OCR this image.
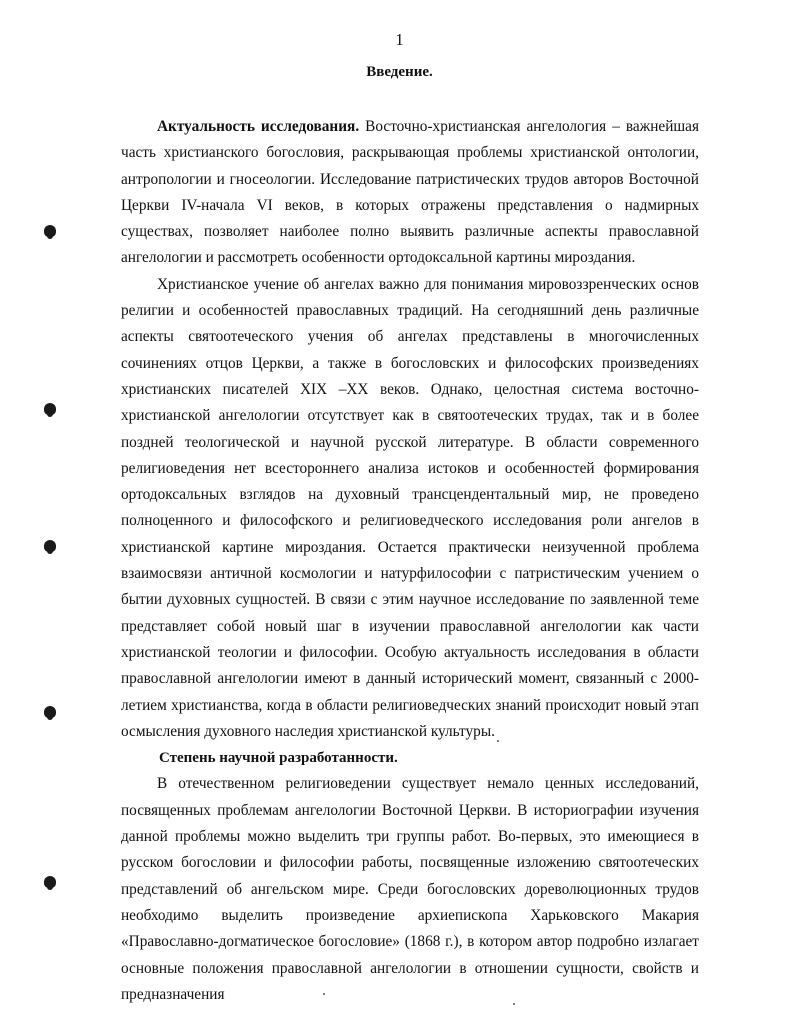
1
Введение.

Актуальность исследования. Восточно-христианская ангелология – важнейшая часть христианского богословия, раскрывающая проблемы христианской онтологии, антропологии и гносеологии. Исследование патристических трудов авторов Восточной Церкви IV-начала VI веков, в которых отражены представления о надмирных существах, позволяет наиболее полно выявить различные аспекты православной ангелологии и рассмотреть особенности ортодоксальной картины мироздания.

Христианское учение об ангелах важно для понимания мировоззренческих основ религии и особенностей православных традиций. На сегодняшний день различные аспекты святоотеческого учения об ангелах представлены в многочисленных сочинениях отцов Церкви, а также в богословских и философских произведениях христианских писателей XIX –XX веков. Однако, целостная система восточно-христианской ангелологии отсутствует как в святоотеческих трудах, так и в более поздней теологической и научной русской литературе. В области современного религиоведения нет всестороннего анализа истоков и особенностей формирования ортодоксальных взглядов на духовный трансцендентальный мир, не проведено полноценного и философского и религиоведческого исследования роли ангелов в христианской картине мироздания. Остается практически неизученной проблема взаимосвязи античной космологии и натурфилософии с патристическим учением о бытии духовных сущностей. В связи с этим научное исследование по заявленной теме представляет собой новый шаг в изучении православной ангелологии как части христианской теологии и философии. Особую актуальность исследования в области православной ангелологии имеют в данный исторический момент, связанный с 2000-летием христианства, когда в области религиоведческих знаний происходит новый этап осмысления духовного наследия христианской культуры.

Степень научной разработанности.

В отечественном религиоведении существует немало ценных исследований, посвященных проблемам ангелологии Восточной Церкви. В историографии изучения данной проблемы можно выделить три группы работ. Во-первых, это имеющиеся в русском богословии и философии работы, посвященные изложению святоотеческих представлений об ангельском мире. Среди богословских дореволюционных трудов необходимо выделить произведение архиепископа Харьковского Макария «Православно-догматическое богословие» (1868 г.), в котором автор подробно излагает основные положения православной ангелологии в отношении сущности, свойств и предназначения
